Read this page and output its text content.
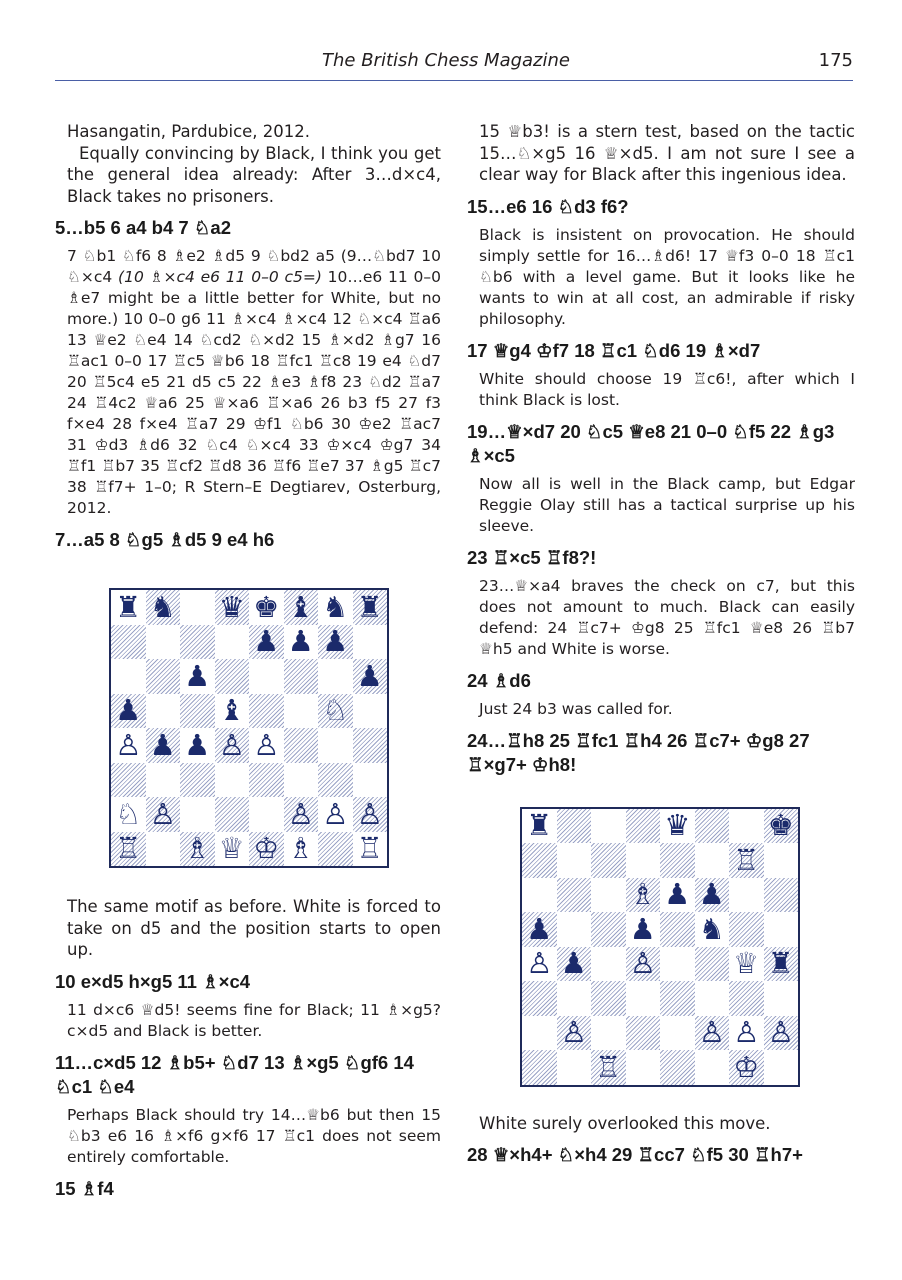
The British Chess Magazine	175

Hasangatin, Pardubice, 2012.

Equally convincing by Black, I think you get the general idea already: After 3…d×c4, Black takes no prisoners.

5…b5 6 a4 b4 7 ♘a2

7 ♘b1 ♘f6 8 ♗e2 ♗d5 9 ♘bd2 a5 (9…♘bd7 10 ♘×c4 (10 ♗×c4 e6 11 0–0 c5=) 10…e6 11 0–0 ♗e7 might be a little better for White, but no more.) 10 0–0 g6 11 ♗×c4 ♗×c4 12 ♘×c4 ♖a6 13 ♕e2 ♘e4 14 ♘cd2 ♘×d2 15 ♗×d2 ♗g7 16 ♖ac1 0–0 17 ♖c5 ♕b6 18 ♖fc1 ♖c8 19 e4 ♘d7 20 ♖5c4 e5 21 d5 c5 22 ♗e3 ♗f8 23 ♘d2 ♖a7 24 ♖4c2 ♕a6 25 ♕×a6 ♖×a6 26 b3 f5 27 f3 f×e4 28 f×e4 ♖a7 29 ♔f1 ♘b6 30 ♔e2 ♖ac7 31 ♔d3 ♗d6 32 ♘c4 ♘×c4 33 ♔×c4 ♔g7 34 ♖f1 ♖b7 35 ♖cf2 ♖d8 36 ♖f6 ♖e7 37 ♗g5 ♖c7 38 ♖f7+ 1–0; R Stern–E Degtiarev, Osterburg, 2012.

7…a5 8 ♘g5 ♗d5 9 e4 h6
♜ ♞ ♛ ♚ ♝ ♞ ♜
♟ ♟ ♟
♟	♟
♟	♝	♘
♙ ♟ ♟ ♙ ♙
♘ ♙	♙ ♙ ♙
♖ ♗ ♕ ♔ ♗ ♖

The same motif as before. White is forced to take on d5 and the position starts to open up.

10 e×d5 h×g5 11 ♗×c4

11 d×c6 ♕d5! seems fine for Black; 11 ♗×g5? c×d5 and Black is better.

11…c×d5 12 ♗b5+ ♘d7 13 ♗×g5 ♘gf6 14 ♘c1 ♘e4

Perhaps Black should try 14…♕b6 but then 15 ♘b3 e6 16 ♗×f6 g×f6 17 ♖c1 does not seem entirely comfortable.

15 ♗f4

15 ♕b3! is a stern test, based on the tactic 15…♘×g5 16 ♕×d5. I am not sure I see a clear way for Black after this ingenious idea.

15…e6 16 ♘d3 f6?

Black is insistent on provocation. He should simply settle for 16…♗d6! 17 ♕f3 0–0 18 ♖c1 ♘b6 with a level game. But it looks like he wants to win at all cost, an admirable if risky philosophy.

17 ♕g4 ♔f7 18 ♖c1 ♘d6 19 ♗×d7

White should choose 19 ♖c6!, after which I think Black is lost.

19…♕×d7 20 ♘c5 ♕e8 21 0–0 ♘f5 22 ♗g3 ♗×c5

Now all is well in the Black camp, but Edgar Reggie Olay still has a tactical surprise up his sleeve.

23 ♖×c5 ♖f8?!

23…♕×a4 braves the check on c7, but this does not amount to much. Black can easily defend: 24 ♖c7+ ♔g8 25 ♖fc1 ♕e8 26 ♖b7 ♕h5 and White is worse.

24 ♗d6

Just 24 b3 was called for.

24…♖h8 25 ♖fc1 ♖h4 26 ♖c7+ ♔g8 27 ♖×g7+ ♔h8!
♜	♛	♚
♖
♗ ♟ ♟
♟	♟ ♞
♙ ♟ ♙	♕ ♜
♙	♙ ♙ ♙
♖	♔

White surely overlooked this move.

28 ♕×h4+ ♘×h4 29 ♖cc7 ♘f5 30 ♖h7+
